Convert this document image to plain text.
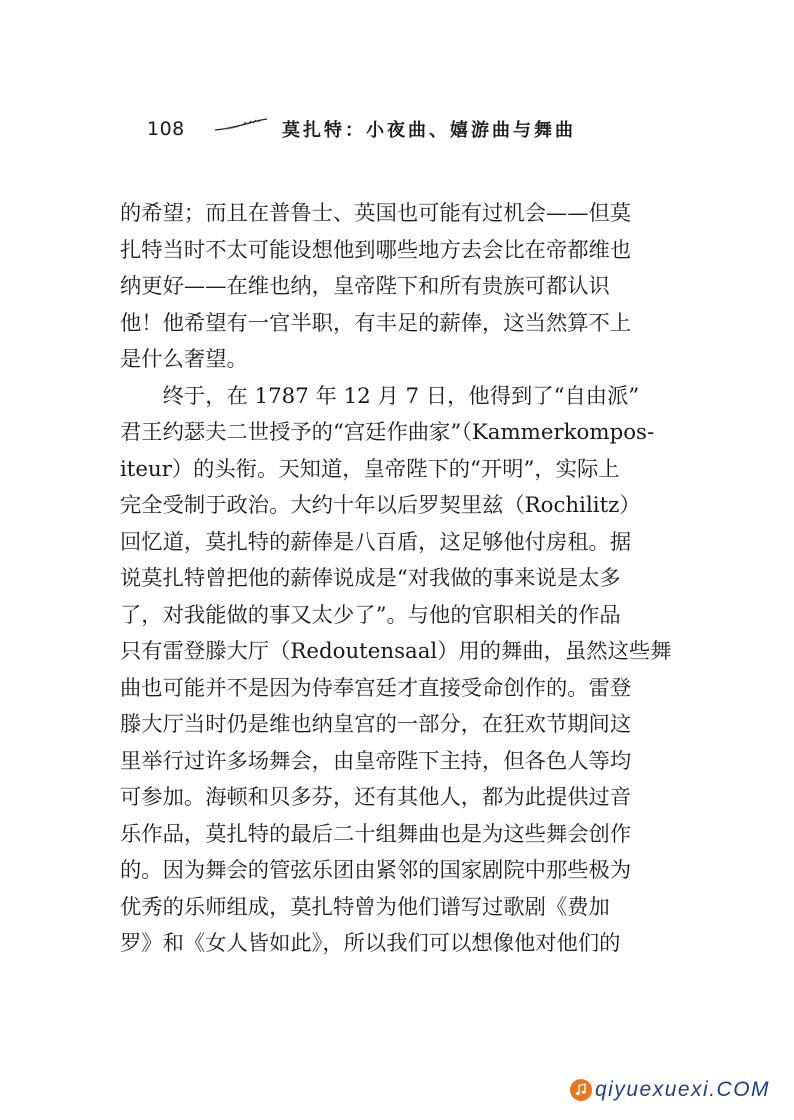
108	莫扎特：小夜曲、嬉游曲与舞曲
的希望；而且在普鲁士、英国也可能有过机会——但莫
扎特当时不太可能设想他到哪些地方去会比在帝都维也
纳更好——在维也纳，皇帝陛下和所有贵族可都认识
他！他希望有一官半职，有丰足的薪俸，这当然算不上
是什么奢望。
　　终于，在 1787 年 12 月 7 日，他得到了“自由派”
君王约瑟夫二世授予的“宫廷作曲家”（Kammerkompos-
iteur）的头衔。天知道，皇帝陛下的“开明”，实际上
完全受制于政治。大约十年以后罗契里兹（Rochilitz）
回忆道，莫扎特的薪俸是八百盾，这足够他付房租。据
说莫扎特曾把他的薪俸说成是“对我做的事来说是太多
了，对我能做的事又太少了”。与他的官职相关的作品
只有雷登滕大厅（Redoutensaal）用的舞曲，虽然这些舞
曲也可能并不是因为侍奉宫廷才直接受命创作的。雷登
滕大厅当时仍是维也纳皇宫的一部分，在狂欢节期间这
里举行过许多场舞会，由皇帝陛下主持，但各色人等均
可参加。海顿和贝多芬，还有其他人，都为此提供过音
乐作品，莫扎特的最后二十组舞曲也是为这些舞会创作
的。因为舞会的管弦乐团由紧邻的国家剧院中那些极为
优秀的乐师组成，莫扎特曾为他们谱写过歌剧《费加
罗》和《女人皆如此》，所以我们可以想像他对他们的
qiyuexuexi.COM
